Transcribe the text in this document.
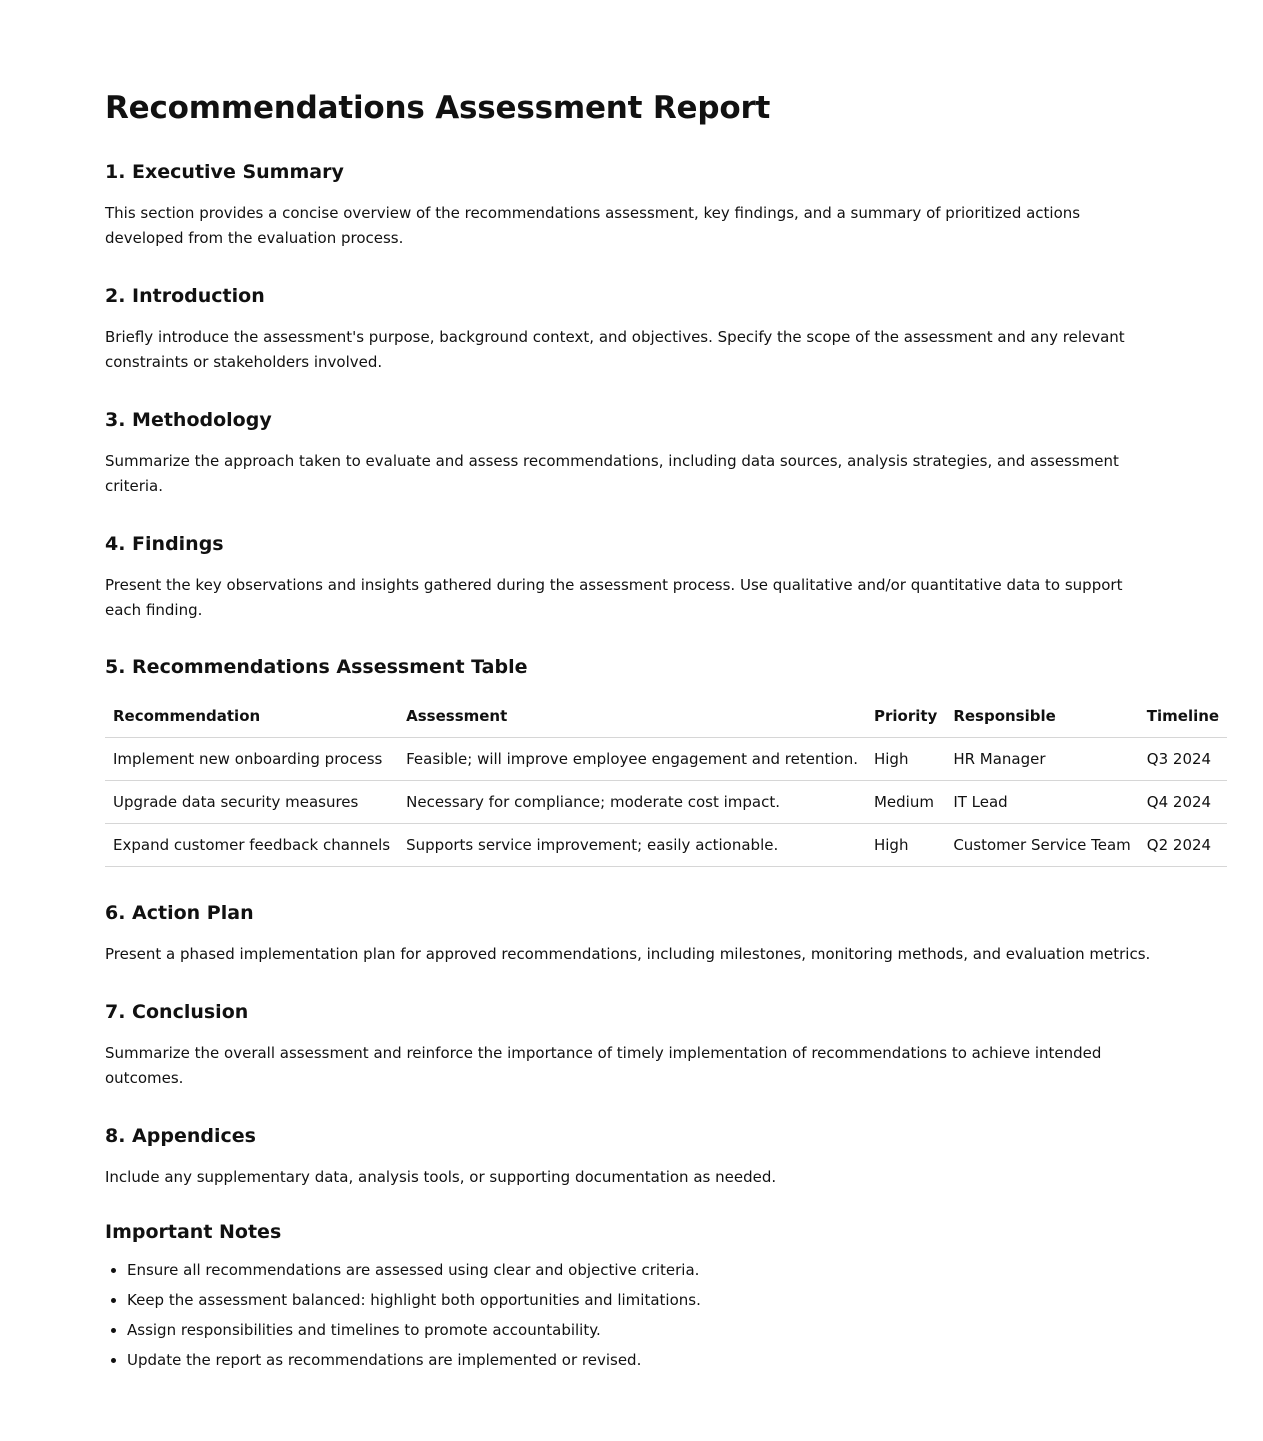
Recommendations Assessment Report
1. Executive Summary

This section provides a concise overview of the recommendations assessment, key findings, and a summary of prioritized actions developed from the evaluation process.

2. Introduction

Briefly introduce the assessment's purpose, background context, and objectives. Specify the scope of the assessment and any relevant constraints or stakeholders involved.

3. Methodology

Summarize the approach taken to evaluate and assess recommendations, including data sources, analysis strategies, and assessment criteria.

4. Findings

Present the key observations and insights gathered during the assessment process. Use qualitative and/or quantitative data to support each finding.

5. Recommendations Assessment Table
Recommendation	Assessment	Priority	Responsible	Timeline
Implement new onboarding process	Feasible; will improve employee engagement and retention.	High	HR Manager	Q3 2024
Upgrade data security measures	Necessary for compliance; moderate cost impact.	Medium	IT Lead	Q4 2024
Expand customer feedback channels	Supports service improvement; easily actionable.	High	Customer Service Team	Q2 2024
6. Action Plan

Present a phased implementation plan for approved recommendations, including milestones, monitoring methods, and evaluation metrics.

7. Conclusion

Summarize the overall assessment and reinforce the importance of timely implementation of recommendations to achieve intended outcomes.

8. Appendices

Include any supplementary data, analysis tools, or supporting documentation as needed.

Important Notes
• Ensure all recommendations are assessed using clear and objective criteria.
• Keep the assessment balanced: highlight both opportunities and limitations.
• Assign responsibilities and timelines to promote accountability.
• Update the report as recommendations are implemented or revised.
